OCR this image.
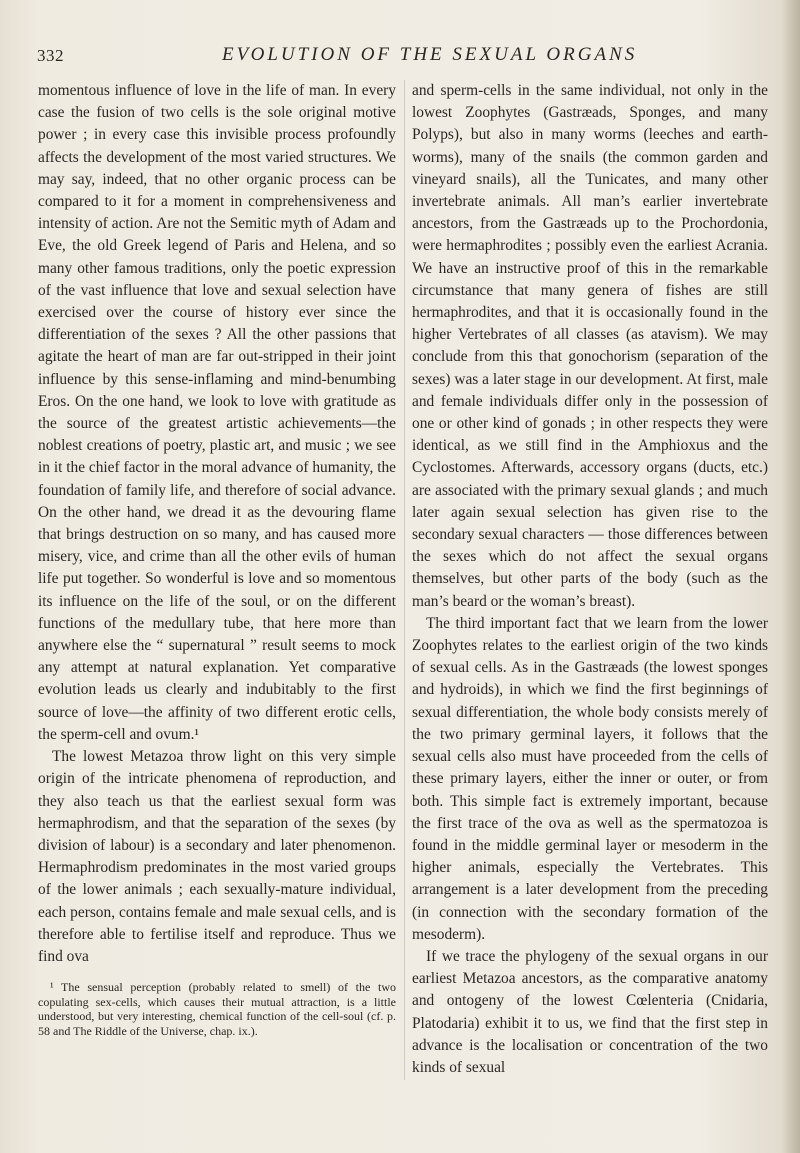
332	EVOLUTION OF THE SEXUAL ORGANS

momentous influence of love in the life of man. In every case the fusion of two cells is the sole original motive power ; in every case this invisible process profoundly affects the development of the most varied structures. We may say, indeed, that no other organic process can be compared to it for a moment in comprehensiveness and intensity of action. Are not the Semitic myth of Adam and Eve, the old Greek legend of Paris and Helena, and so many other famous traditions, only the poetic expression of the vast influence that love and sexual selection have exercised over the course of history ever since the differentiation of the sexes ? All the other passions that agitate the heart of man are far out-stripped in their joint influence by this sense-inflaming and mind-benumbing Eros. On the one hand, we look to love with gratitude as the source of the greatest artistic achievements—the noblest creations of poetry, plastic art, and music ; we see in it the chief factor in the moral advance of humanity, the foundation of family life, and therefore of social advance. On the other hand, we dread it as the devouring flame that brings destruction on so many, and has caused more misery, vice, and crime than all the other evils of human life put together. So wonderful is love and so momentous its influence on the life of the soul, or on the different functions of the medullary tube, that here more than anywhere else the “ supernatural ” result seems to mock any attempt at natural explanation. Yet comparative evolution leads us clearly and indubitably to the first source of love—the affinity of two different erotic cells, the sperm-cell and ovum.¹

The lowest Metazoa throw light on this very simple origin of the intricate phenomena of reproduction, and they also teach us that the earliest sexual form was hermaphrodism, and that the separation of the sexes (by division of labour) is a secondary and later phenomenon. Hermaphrodism predominates in the most varied groups of the lower animals ; each sexually-mature individual, each person, contains female and male sexual cells, and is therefore able to fertilise itself and reproduce. Thus we find ova

¹ The sensual perception (probably related to smell) of the two copulating sex-cells, which causes their mutual attraction, is a little understood, but very interesting, chemical function of the cell-soul (cf. p. 58 and The Riddle of the Universe, chap. ix.).

and sperm-cells in the same individual, not only in the lowest Zoophytes (Gastræads, Sponges, and many Polyps), but also in many worms (leeches and earth-worms), many of the snails (the common garden and vineyard snails), all the Tunicates, and many other invertebrate animals. All man’s earlier invertebrate ancestors, from the Gastræads up to the Prochordonia, were hermaphrodites ; possibly even the earliest Acrania. We have an instructive proof of this in the remarkable circumstance that many genera of fishes are still hermaphrodites, and that it is occasionally found in the higher Vertebrates of all classes (as atavism). We may conclude from this that gonochorism (separation of the sexes) was a later stage in our development. At first, male and female individuals differ only in the possession of one or other kind of gonads ; in other respects they were identical, as we still find in the Amphioxus and the Cyclostomes. Afterwards, accessory organs (ducts, etc.) are associated with the primary sexual glands ; and much later again sexual selection has given rise to the secondary sexual characters — those differences between the sexes which do not affect the sexual organs themselves, but other parts of the body (such as the man’s beard or the woman’s breast).

The third important fact that we learn from the lower Zoophytes relates to the earliest origin of the two kinds of sexual cells. As in the Gastræads (the lowest sponges and hydroids), in which we find the first beginnings of sexual differentiation, the whole body consists merely of the two primary germinal layers, it follows that the sexual cells also must have proceeded from the cells of these primary layers, either the inner or outer, or from both. This simple fact is extremely important, because the first trace of the ova as well as the spermatozoa is found in the middle germinal layer or mesoderm in the higher animals, especially the Vertebrates. This arrangement is a later development from the preceding (in connection with the secondary formation of the mesoderm).

If we trace the phylogeny of the sexual organs in our earliest Metazoa ancestors, as the comparative anatomy and ontogeny of the lowest Cœlenteria (Cnidaria, Platodaria) exhibit it to us, we find that the first step in advance is the localisation or concentration of the two kinds of sexual
